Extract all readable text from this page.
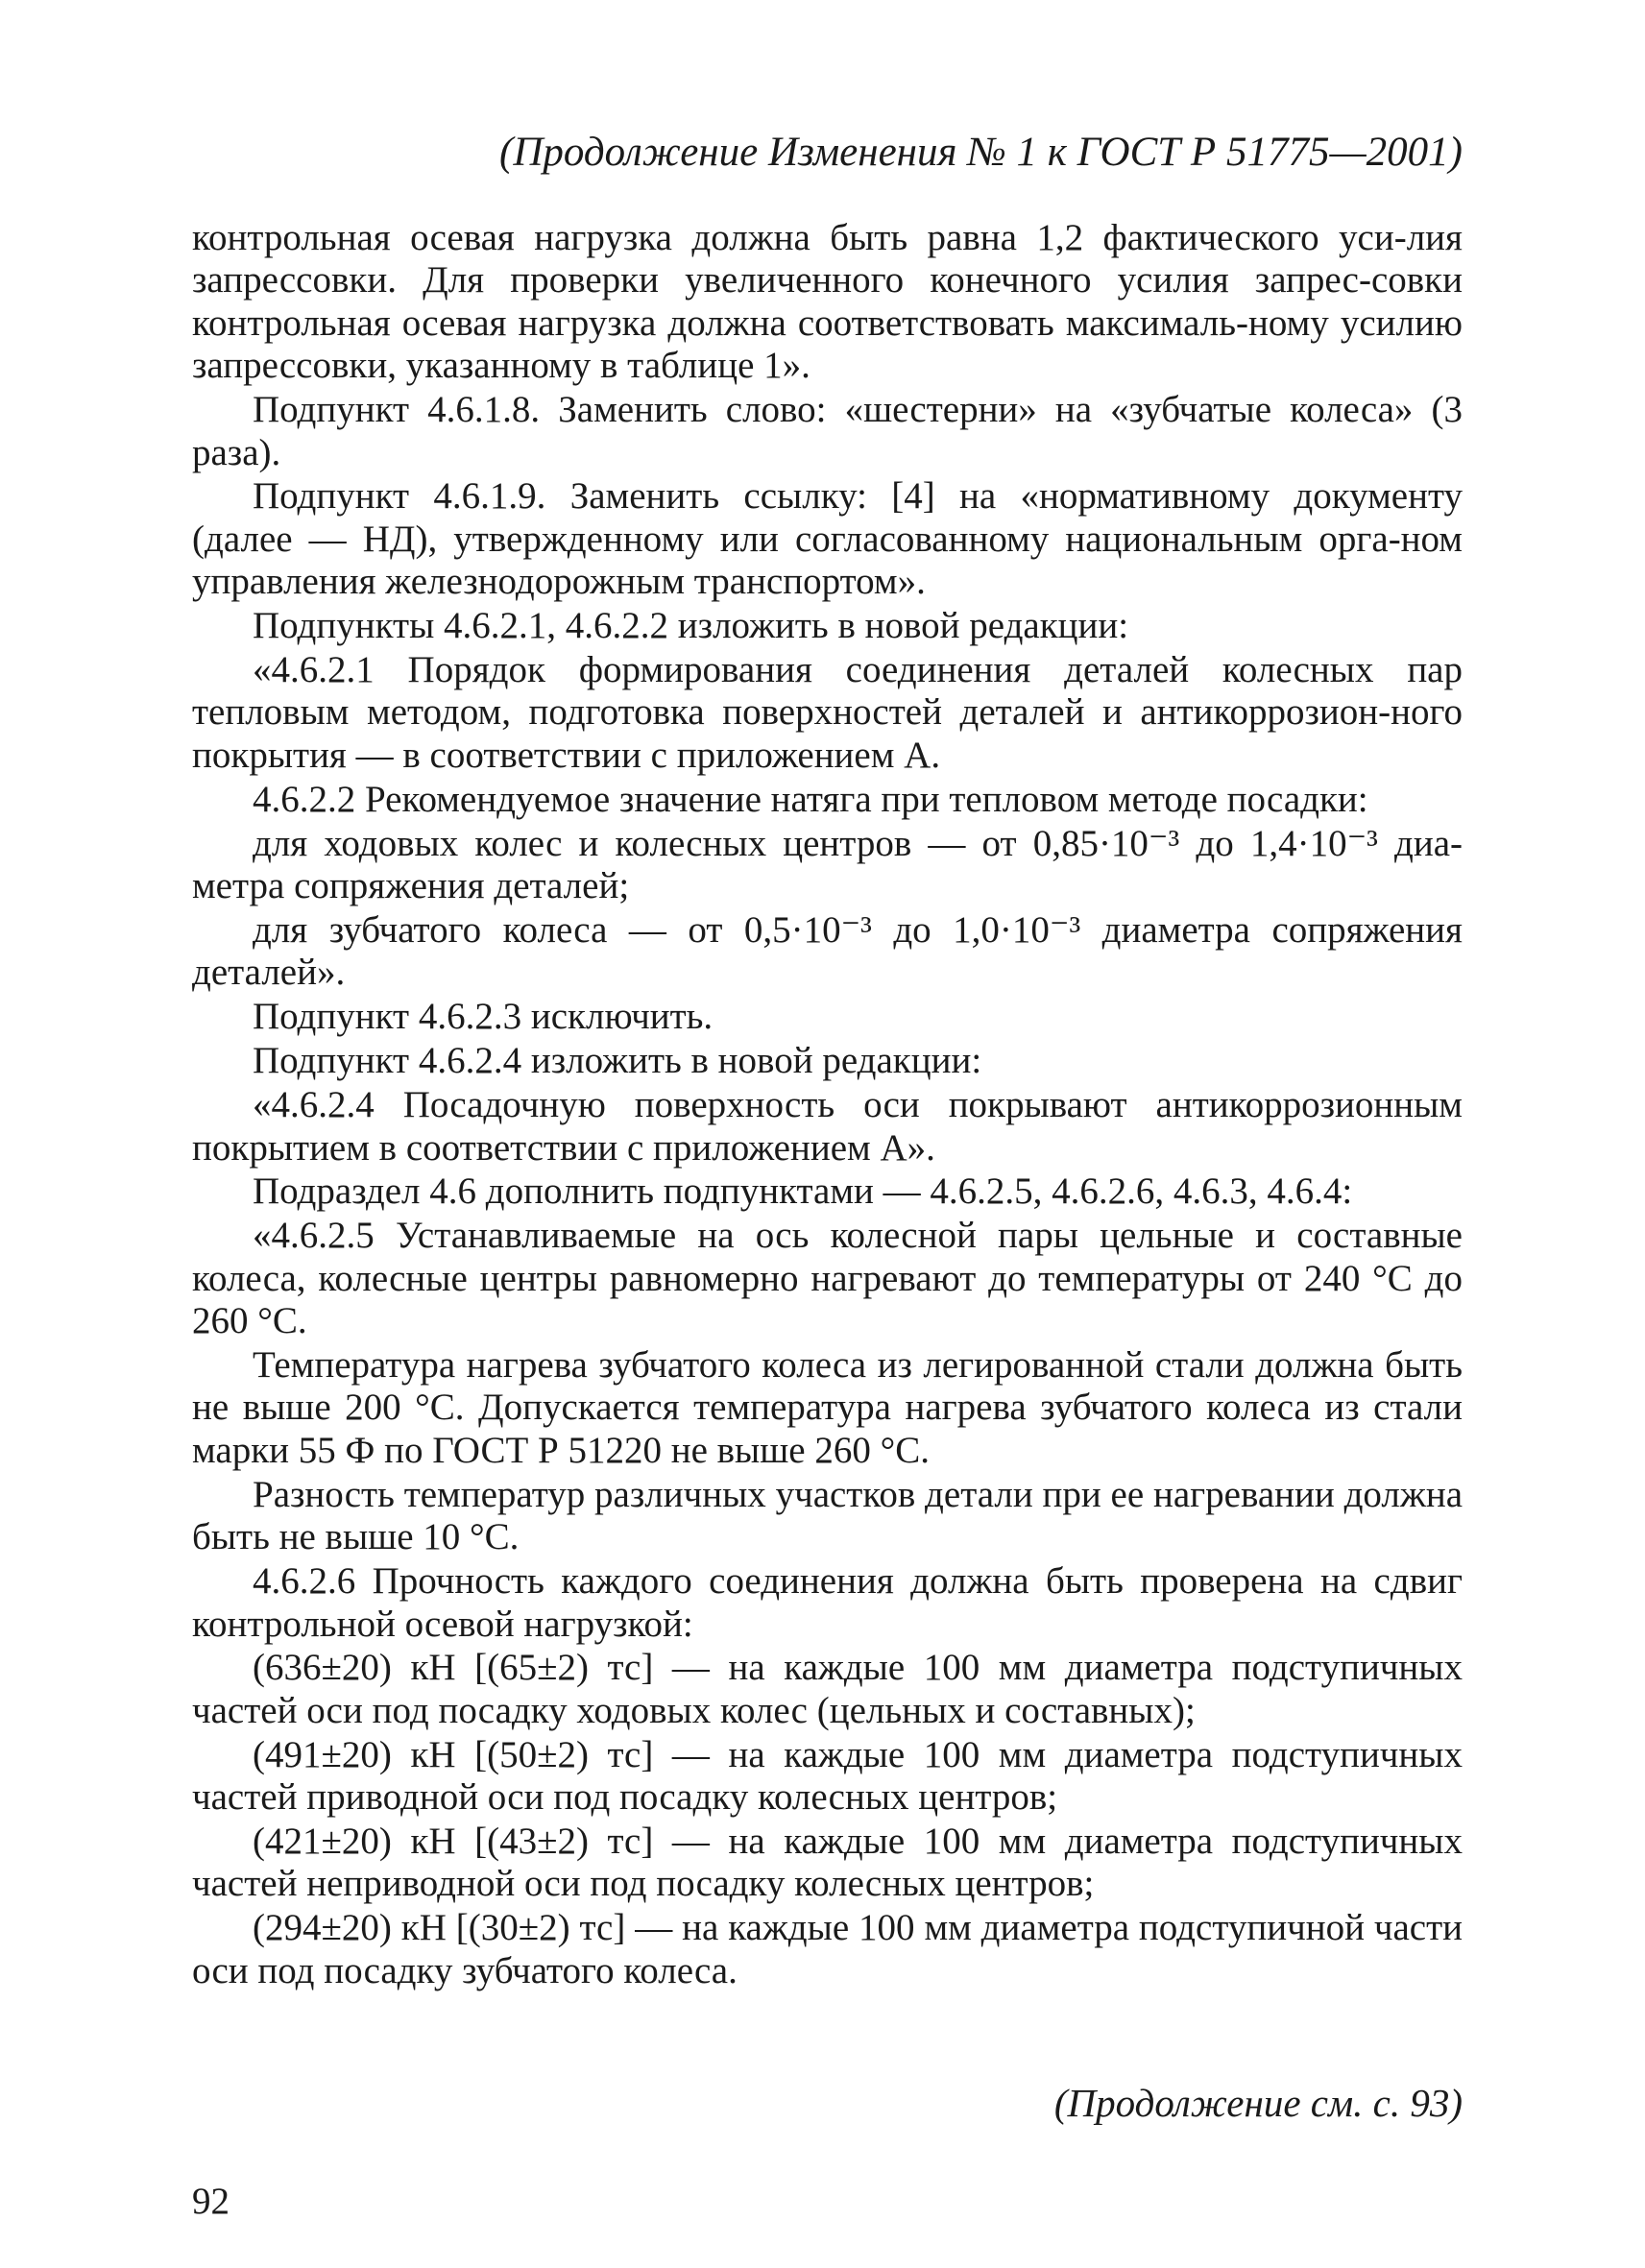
(Продолжение Изменения № 1 к ГОСТ Р 51775—2001)

контрольная осевая нагрузка должна быть равна 1,2 фактического уси-лия запрессовки. Для проверки увеличенного конечного усилия запрес-совки контрольная осевая нагрузка должна соответствовать максималь-ному усилию запрессовки, указанному в таблице 1».

Подпункт 4.6.1.8. Заменить слово: «шестерни» на «зубчатые колеса» (3 раза).

Подпункт 4.6.1.9. Заменить ссылку: [4] на «нормативному документу (далее — НД), утвержденному или согласованному национальным орга-ном управления железнодорожным транспортом».

Подпункты 4.6.2.1, 4.6.2.2 изложить в новой редакции:

«4.6.2.1 Порядок формирования соединения деталей колесных пар тепловым методом, подготовка поверхностей деталей и антикоррозион-ного покрытия — в соответствии с приложением А.

4.6.2.2 Рекомендуемое значение натяга при тепловом методе посадки:

для ходовых колес и колесных центров — от 0,85·10⁻³ до 1,4·10⁻³ диа-метра сопряжения деталей;

для зубчатого колеса — от 0,5·10⁻³ до 1,0·10⁻³ диаметра сопряжения деталей».

Подпункт 4.6.2.3 исключить.

Подпункт 4.6.2.4 изложить в новой редакции:

«4.6.2.4 Посадочную поверхность оси покрывают антикоррозионным покрытием в соответствии с приложением А».

Подраздел 4.6 дополнить подпунктами — 4.6.2.5, 4.6.2.6, 4.6.3, 4.6.4:

«4.6.2.5 Устанавливаемые на ось колесной пары цельные и составные колеса, колесные центры равномерно нагревают до температуры от 240 °С до 260 °С.

Температура нагрева зубчатого колеса из легированной стали должна быть не выше 200 °С. Допускается температура нагрева зубчатого колеса из стали марки 55 Ф по ГОСТ Р 51220 не выше 260 °С.

Разность температур различных участков детали при ее нагревании должна быть не выше 10 °С.

4.6.2.6 Прочность каждого соединения должна быть проверена на сдвиг контрольной осевой нагрузкой:

(636±20) кН [(65±2) тс] — на каждые 100 мм диаметра подступичных частей оси под посадку ходовых колес (цельных и составных);

(491±20) кН [(50±2) тс] — на каждые 100 мм диаметра подступичных частей приводной оси под посадку колесных центров;

(421±20) кН [(43±2) тс] — на каждые 100 мм диаметра подступичных частей неприводной оси под посадку колесных центров;

(294±20) кН [(30±2) тс] — на каждые 100 мм диаметра подступичной части оси под посадку зубчатого колеса.

(Продолжение см. с. 93)
92
